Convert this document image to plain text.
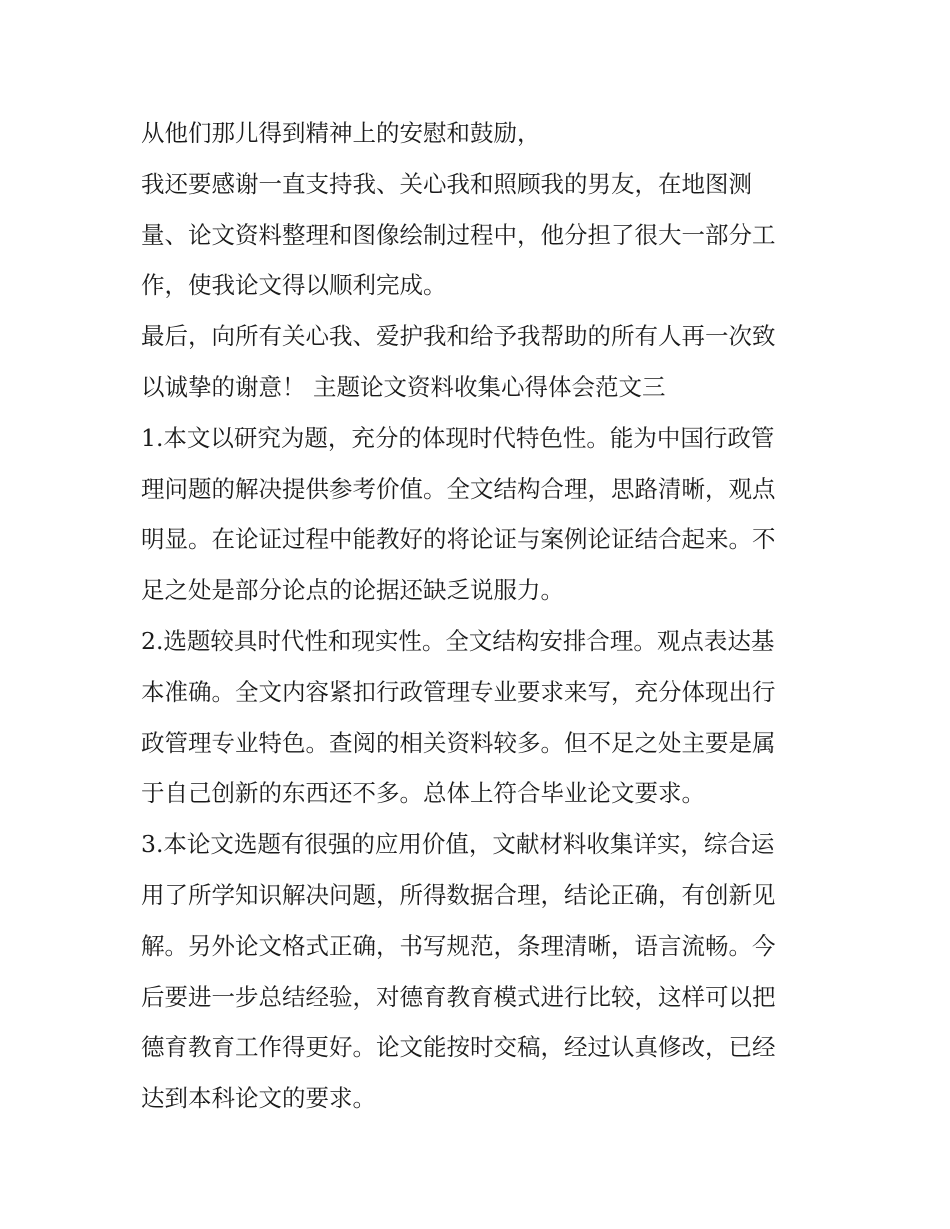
从他们那儿得到精神上的安慰和鼓励，
我还要感谢一直支持我、关心我和照顾我的男友，在地图测
量、论文资料整理和图像绘制过程中，他分担了很大一部分工
作，使我论文得以顺利完成。
最后，向所有关心我、爱护我和给予我帮助的所有人再一次致
以诚挚的谢意！ 主题论文资料收集心得体会范文三
1.本文以研究为题，充分的体现时代特色性。能为中国行政管
理问题的解决提供参考价值。全文结构合理，思路清晰，观点
明显。在论证过程中能教好的将论证与案例论证结合起来。不
足之处是部分论点的论据还缺乏说服力。
2.选题较具时代性和现实性。全文结构安排合理。观点表达基
本准确。全文内容紧扣行政管理专业要求来写，充分体现出行
政管理专业特色。查阅的相关资料较多。但不足之处主要是属
于自己创新的东西还不多。总体上符合毕业论文要求。
3.本论文选题有很强的应用价值，文献材料收集详实，综合运
用了所学知识解决问题，所得数据合理，结论正确，有创新见
解。另外论文格式正确，书写规范，条理清晰，语言流畅。今
后要进一步总结经验，对德育教育模式进行比较，这样可以把
德育教育工作得更好。论文能按时交稿，经过认真修改，已经
达到本科论文的要求。
